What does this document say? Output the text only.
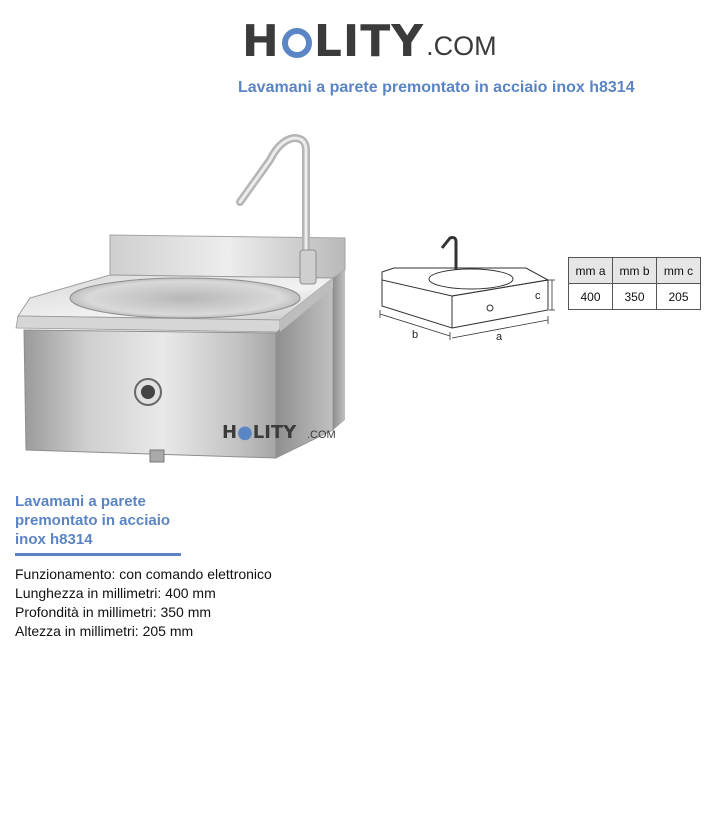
H LITY .COM
Lavamani a parete premontato in acciaio inox h8314
H●LITY .COM
b	a
c
mm a	mm b	mm c
400	350	205
Lavamani a parete premontato in acciaio inox h8314
Funzionamento: con comando elettronico
Lunghezza in millimetri: 400 mm
Profondità in millimetri: 350 mm
Altezza in millimetri: 205 mm
